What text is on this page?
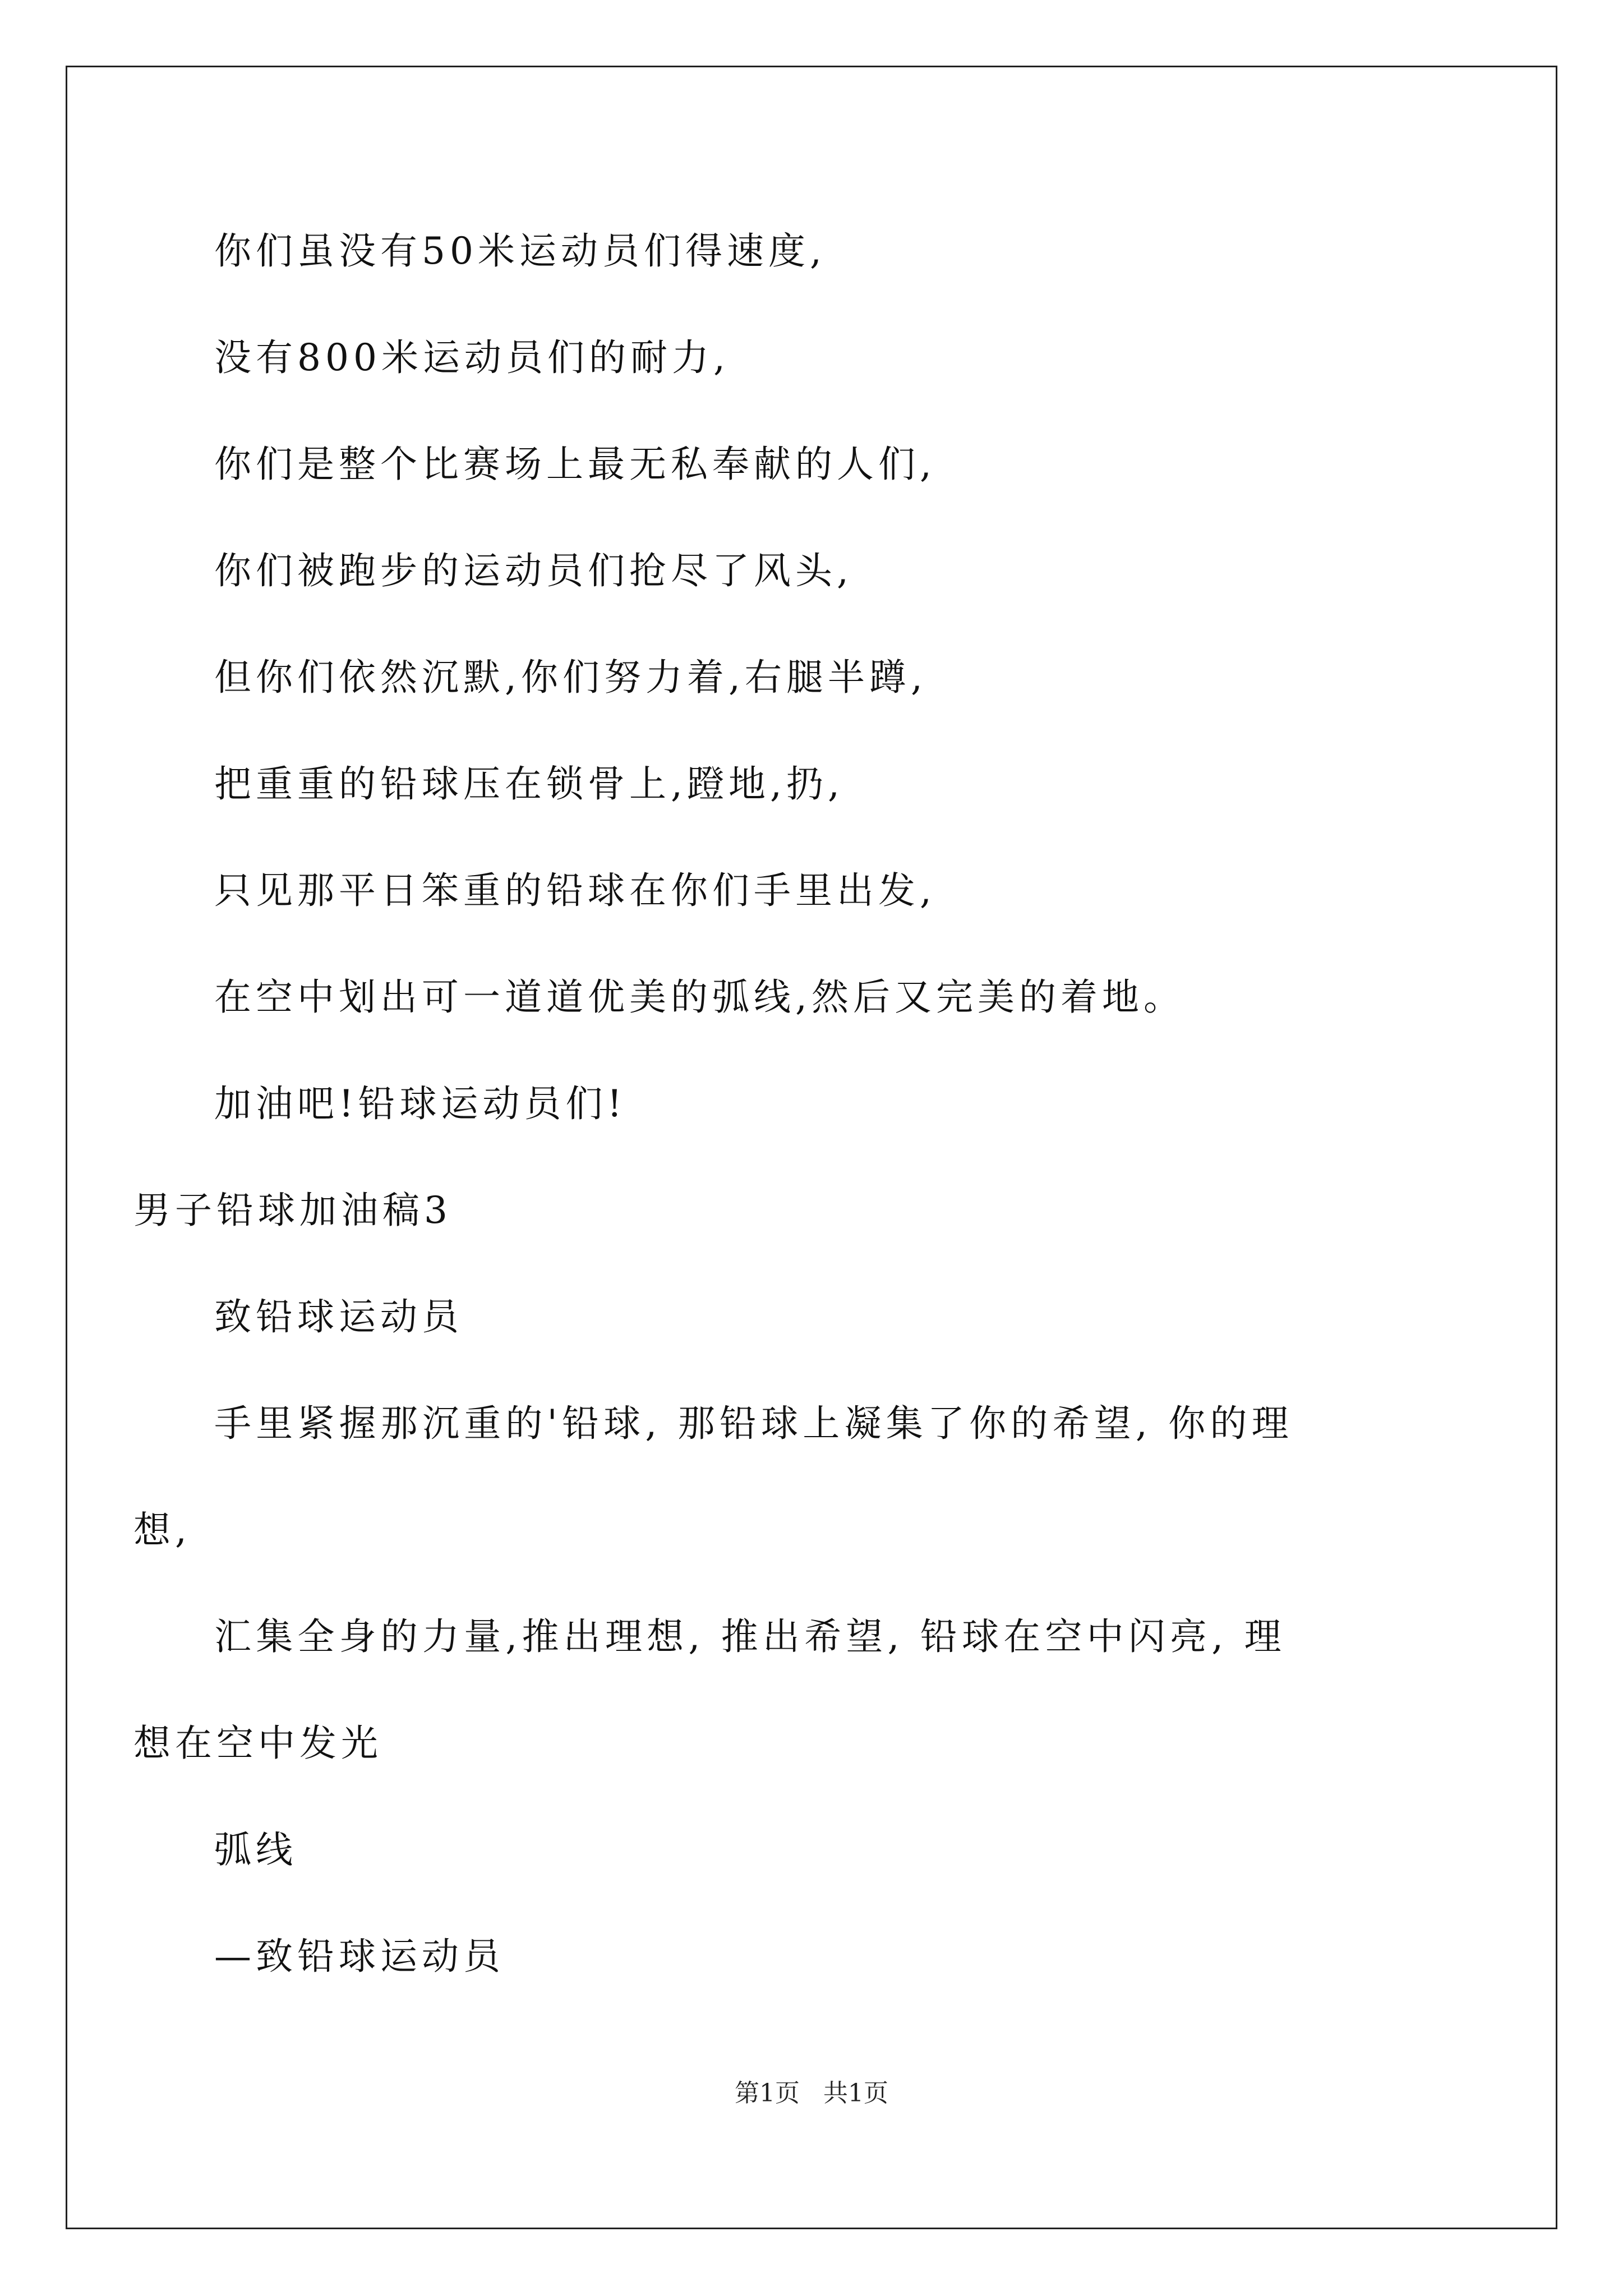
你们虽没有50米运动员们得速度,
没有800米运动员们的耐力,
你们是整个比赛场上最无私奉献的人们,
你们被跑步的运动员们抢尽了风头,
但你们依然沉默,你们努力着,右腿半蹲,
把重重的铅球压在锁骨上,蹬地,扔,
只见那平日笨重的铅球在你们手里出发,
在空中划出可一道道优美的弧线,然后又完美的着地。
加油吧!铅球运动员们!
男子铅球加油稿3
致铅球运动员
手里紧握那沉重的'铅球, 那铅球上凝集了你的希望, 你的理
想,
汇集全身的力量,推出理想, 推出希望, 铅球在空中闪亮, 理
想在空中发光
弧线
—致铅球运动员
第1页   共1页
